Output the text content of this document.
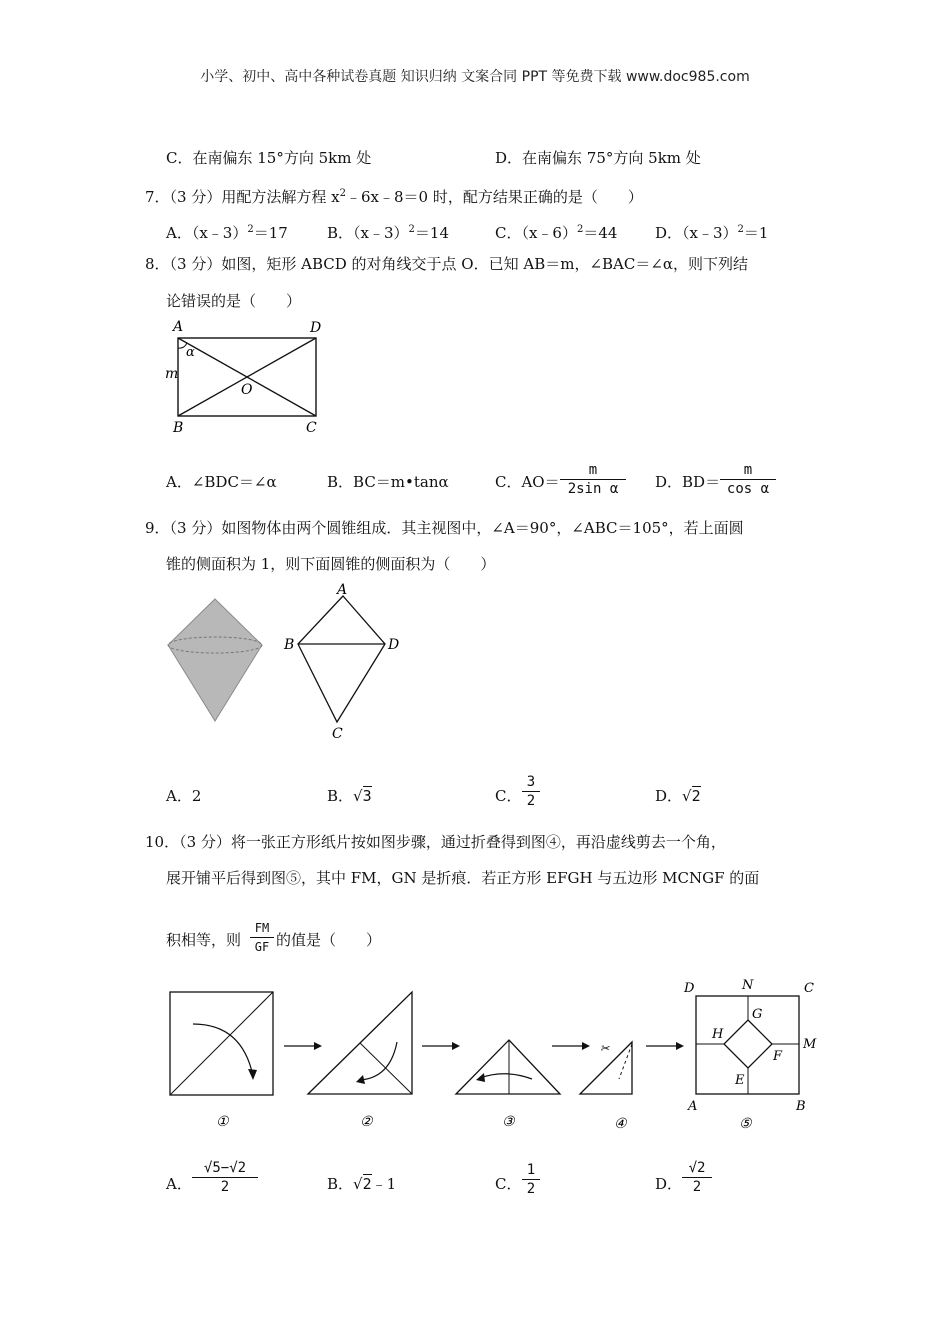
小学、初中、高中各种试卷真题 知识归纳 文案合同 PPT 等免费下载 www.doc985.com
C．在南偏东 15°方向 5km 处	D．在南偏东 75°方向 5km 处
7．（3 分）用配方法解方程 $x^2﹣6x﹣8=0$ 时，配方结果正确的是（　　）
A．（x﹣3）$^2$＝17	B．（x﹣3）$^2$＝14	C．（x﹣6）$^2$＝44	D．（x﹣3）$^2$＝1
8．（3 分）如图，矩形 ABCD 的对角线交于点 O．已知 AB＝m，∠BAC＝∠α，则下列结
论错误的是（　　）
A	D
B	C
O
m
α
A．∠BDC＝∠α	B．BC＝m•tanα	C．AO＝
m
2sin α	D．BD＝
m
cos α
9．（3 分）如图物体由两个圆锥组成．其主视图中，∠A＝90°，∠ABC＝105°，若上面圆
锥的侧面积为 1，则下面圆锥的侧面积为（　　）
A
B	D
C
A．2	B．√3	C．
3
2	D．√2
10．（3 分）将一张正方形纸片按如图步骤，通过折叠得到图④，再沿虚线剪去一个角，
展开铺平后得到图⑤，其中 FM，GN 是折痕．若正方形 EFGH 与五边形 MCNGF 的面
积相等，则
FM
GF 的值是（　　）
✂
D	N	C
G
H
F
M
E
A	B
①	②	③	④	⑤
A．
√5−√2
2	B．√2﹣1	C．
1
2	D．
√2
2
